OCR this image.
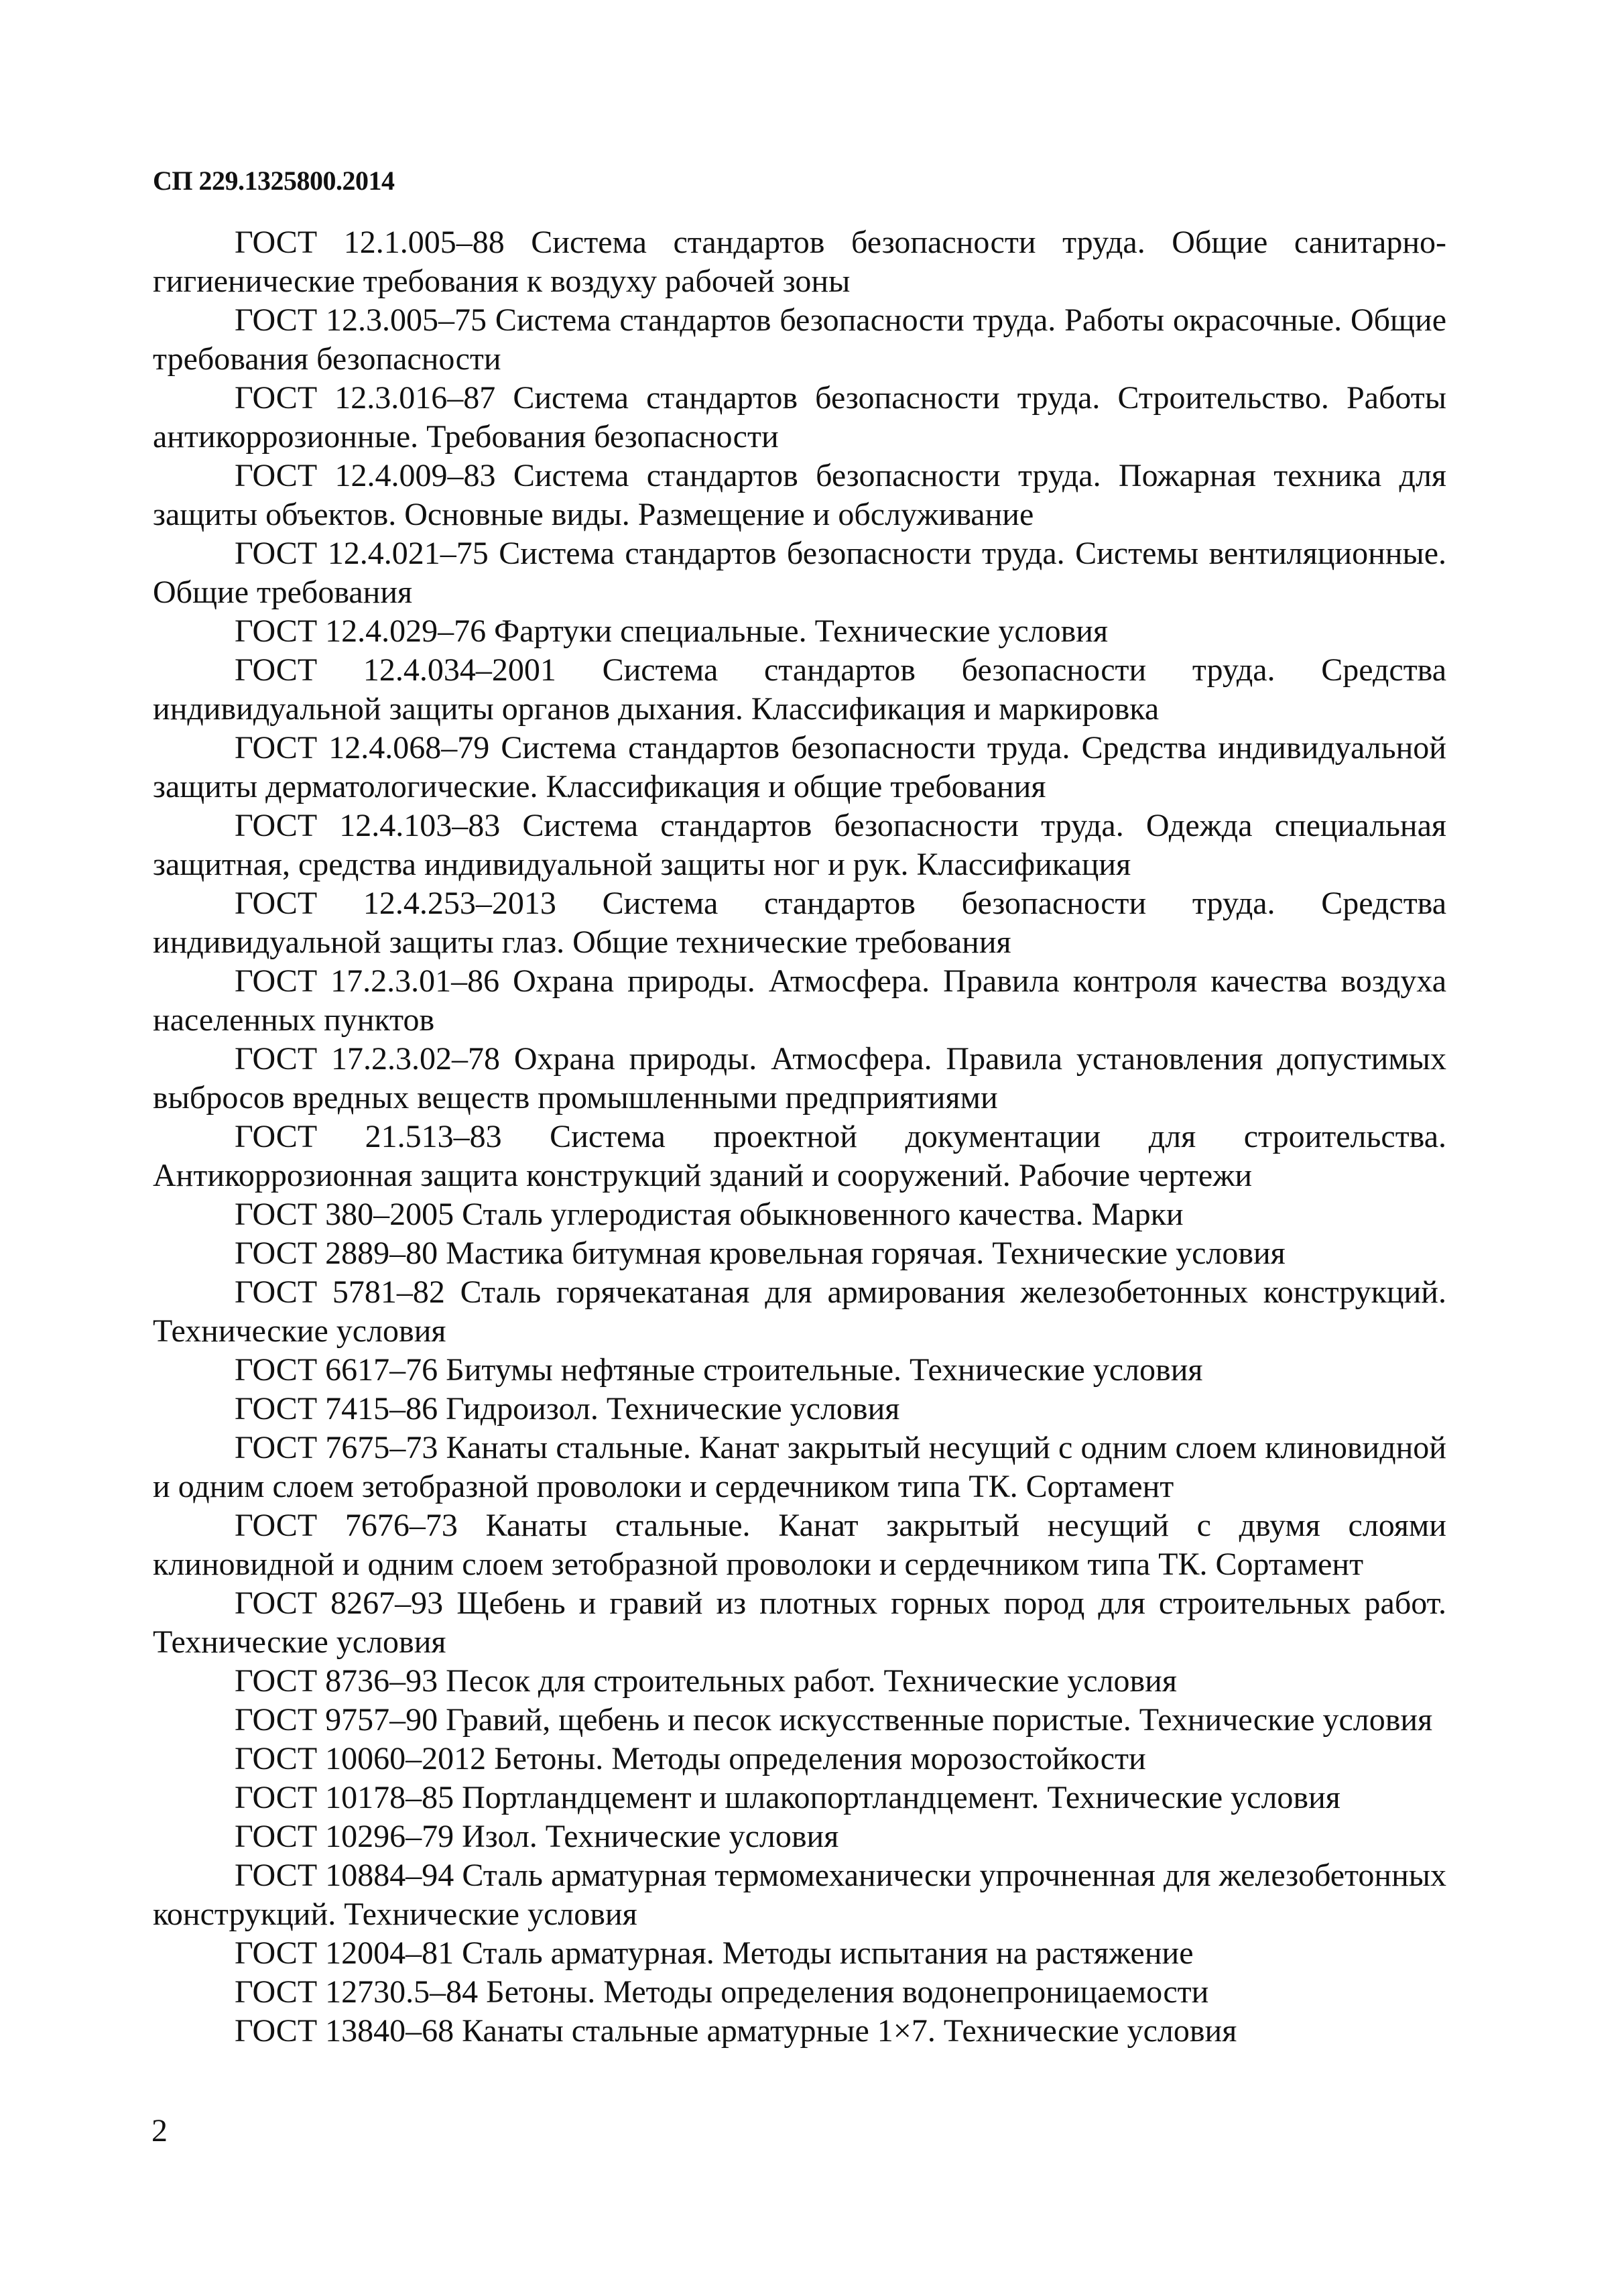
СП 229.1325800.2014

ГОСТ 12.1.005–88 Система стандартов безопасности труда. Общие санитарно-гигиенические требования к воздуху рабочей зоны

ГОСТ 12.3.005–75 Система стандартов безопасности труда. Работы окрасочные. Общие требования безопасности

ГОСТ 12.3.016–87 Система стандартов безопасности труда. Строительство. Работы антикоррозионные. Требования безопасности

ГОСТ 12.4.009–83 Система стандартов безопасности труда. Пожарная техника для защиты объектов. Основные виды. Размещение и обслуживание

ГОСТ 12.4.021–75 Система стандартов безопасности труда. Системы вентиляционные. Общие требования

ГОСТ 12.4.029–76 Фартуки специальные. Технические условия

ГОСТ 12.4.034–2001 Система стандартов безопасности труда. Средства индивидуальной защиты органов дыхания. Классификация и маркировка

ГОСТ 12.4.068–79 Система стандартов безопасности труда. Средства индивидуальной защиты дерматологические. Классификация и общие требования

ГОСТ 12.4.103–83 Система стандартов безопасности труда. Одежда специальная защитная, средства индивидуальной защиты ног и рук. Классификация

ГОСТ 12.4.253–2013 Система стандартов безопасности труда. Средства индивидуальной защиты глаз. Общие технические требования

ГОСТ 17.2.3.01–86 Охрана природы. Атмосфера. Правила контроля качества воздуха населенных пунктов

ГОСТ 17.2.3.02–78 Охрана природы. Атмосфера. Правила установления допустимых выбросов вредных веществ промышленными предприятиями

ГОСТ 21.513–83 Система проектной документации для строительства. Антикоррозионная защита конструкций зданий и сооружений. Рабочие чертежи

ГОСТ 380–2005 Сталь углеродистая обыкновенного качества. Марки

ГОСТ 2889–80 Мастика битумная кровельная горячая. Технические условия

ГОСТ 5781–82 Сталь горячекатаная для армирования железобетонных конструкций. Технические условия

ГОСТ 6617–76 Битумы нефтяные строительные. Технические условия

ГОСТ 7415–86 Гидроизол. Технические условия

ГОСТ 7675–73 Канаты стальные. Канат закрытый несущий с одним слоем клиновидной и одним слоем зетобразной проволоки и сердечником типа ТК. Сортамент

ГОСТ 7676–73 Канаты стальные. Канат закрытый несущий с двумя слоями клиновидной и одним слоем зетобразной проволоки и сердечником типа ТК. Сортамент

ГОСТ 8267–93 Щебень и гравий из плотных горных пород для строительных работ. Технические условия

ГОСТ 8736–93 Песок для строительных работ. Технические условия

ГОСТ 9757–90 Гравий, щебень и песок искусственные пористые. Технические условия

ГОСТ 10060–2012 Бетоны. Методы определения морозостойкости

ГОСТ 10178–85 Портландцемент и шлакопортландцемент. Технические условия

ГОСТ 10296–79 Изол. Технические условия

ГОСТ 10884–94 Сталь арматурная термомеханически упрочненная для железобетонных конструкций. Технические условия

ГОСТ 12004–81 Сталь арматурная. Методы испытания на растяжение

ГОСТ 12730.5–84 Бетоны. Методы определения водонепроницаемости

ГОСТ 13840–68 Канаты стальные арматурные 1×7. Технические условия

2
